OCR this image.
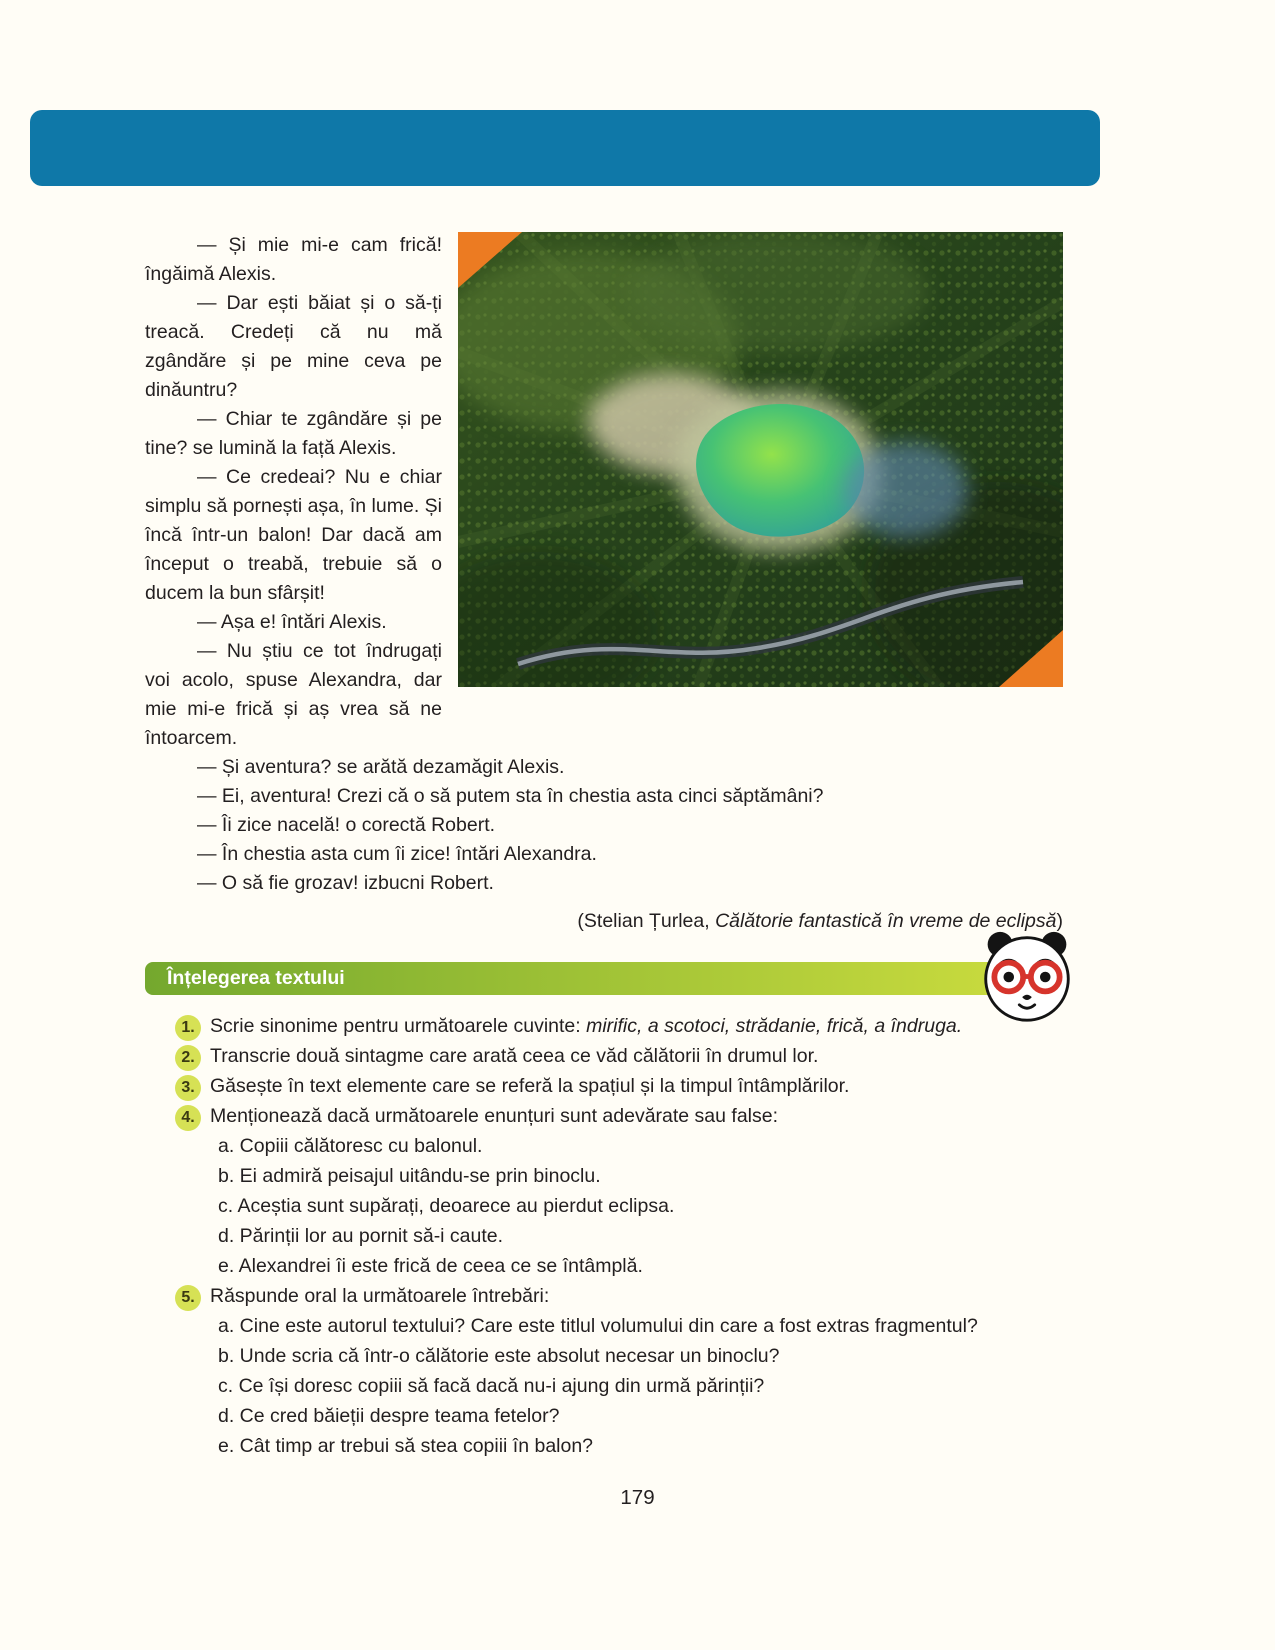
— Și mie mi-e cam frică! îngăimă Alexis.

— Dar ești băiat și o să-ți treacă. Credeți că nu mă zgândăre și pe mine ceva pe dinăuntru?

— Chiar te zgândăre și pe tine? se lumină la față Alexis.

— Ce credeai? Nu e chiar simplu să pornești așa, în lume. Și încă într-un balon! Dar dacă am început o treabă, trebuie să o ducem la bun sfârșit!

— Așa e! întări Alexis.

— Nu știu ce tot îndrugați voi acolo, spuse Alexandra, dar mie mi-e frică și aș vrea să ne întoarcem.

— Și aventura? se arătă dezamăgit Alexis.

— Ei, aventura! Crezi că o să putem sta în chestia asta cinci săptămâni?

— Îi zice nacelă! o corectă Robert.

— În chestia asta cum îi zice! întări Alexandra.

— O să fie grozav! izbucni Robert.

(Stelian Țurlea, Călătorie fantastică în vreme de eclipsă)

Înțelegerea textului

1. Scrie sinonime pentru următoarele cuvinte: mirific, a scotoci, strădanie, frică, a îndruga.

2. Transcrie două sintagme care arată ceea ce văd călătorii în drumul lor.

3. Găsește în text elemente care se referă la spațiul și la timpul întâmplărilor.

4. Menționează dacă următoarele enunțuri sunt adevărate sau false:

a. Copiii călătoresc cu balonul.

b. Ei admiră peisajul uitându-se prin binoclu.

c. Aceștia sunt supărați, deoarece au pierdut eclipsa.

d. Părinții lor au pornit să-i caute.

e. Alexandrei îi este frică de ceea ce se întâmplă.

5. Răspunde oral la următoarele întrebări:

a. Cine este autorul textului? Care este titlul volumului din care a fost extras fragmentul?

b. Unde scria că într-o călătorie este absolut necesar un binoclu?

c. Ce își doresc copiii să facă dacă nu-i ajung din urmă părinții?

d. Ce cred băieții despre teama fetelor?

e. Cât timp ar trebui să stea copiii în balon?

179
